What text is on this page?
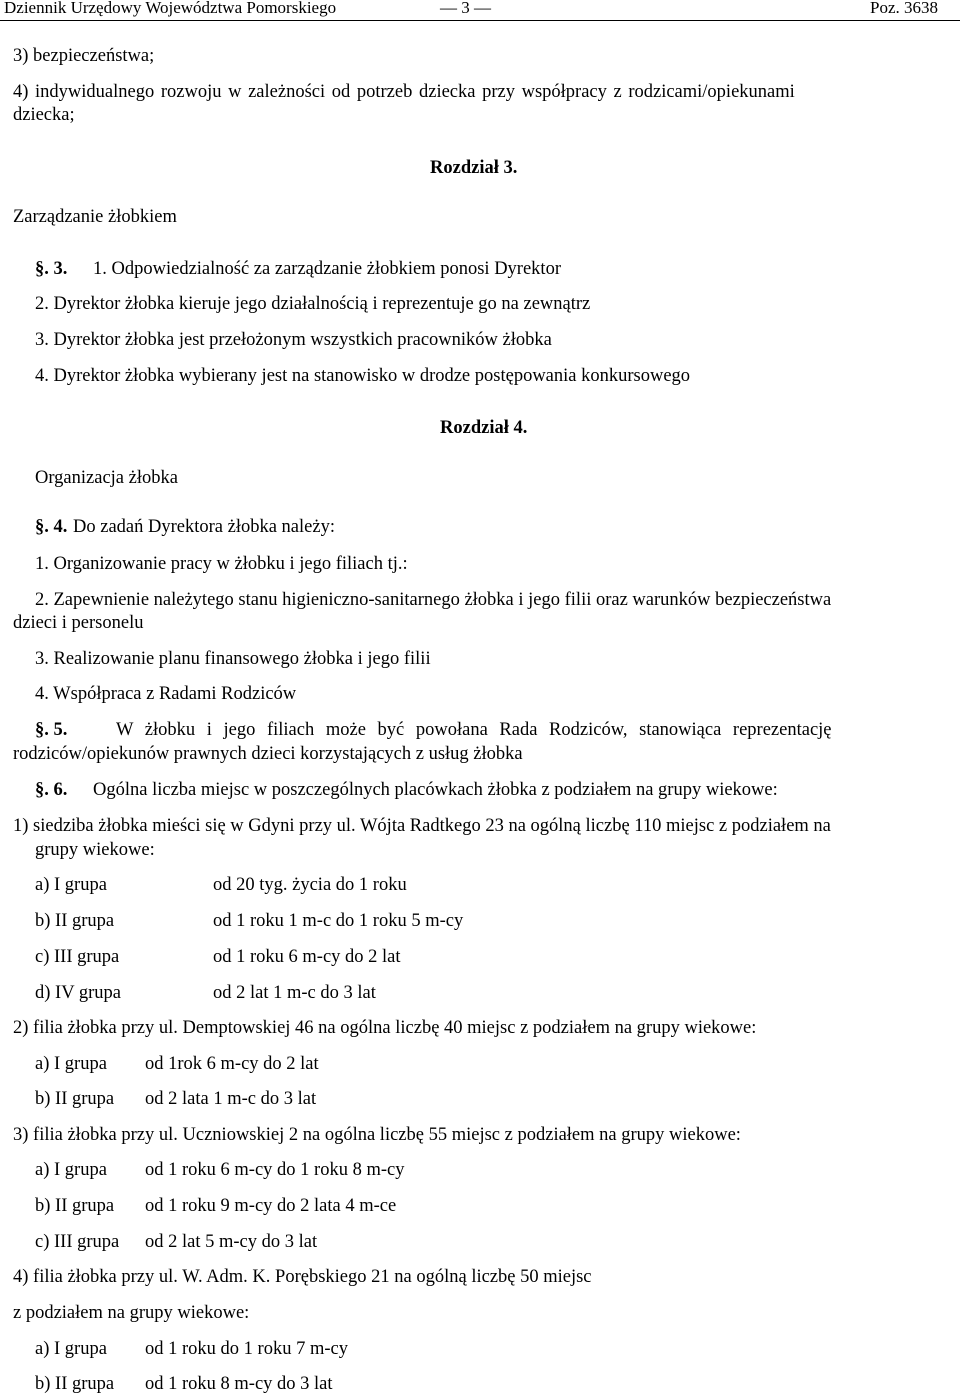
Dziennik Urzędowy Województwa Pomorskiego	— 3 —	Poz. 3638
3) bezpieczeństwa;
4) indywidualnego rozwoju w zależności od potrzeb dziecka przy współpracy z rodzicami/opiekunami
dziecka;
Rozdział 3.
Zarządzanie żłobkiem
§. 3. 1. Odpowiedzialność za zarządzanie żłobkiem ponosi Dyrektor
2. Dyrektor żłobka kieruje jego działalnością i reprezentuje go na zewnątrz
3. Dyrektor żłobka jest przełożonym wszystkich pracowników żłobka
4. Dyrektor żłobka wybierany jest na stanowisko w drodze postępowania konkursowego
Rozdział 4.
Organizacja żłobka
§. 4. Do zadań Dyrektora żłobka należy:
1. Organizowanie pracy w żłobku i jego filiach tj.:
2. Zapewnienie należytego stanu higieniczno-sanitarnego żłobka i jego filii oraz warunków bezpieczeństwa
dzieci i personelu
3. Realizowanie planu finansowego żłobka i jego filii
4. Współpraca z Radami Rodziców
§. 5.	W żłobku i jego filiach może być powołana Rada Rodziców, stanowiąca reprezentację
rodziców/opiekunów prawnych dzieci korzystających z usług żłobka
§. 6. Ogólna liczba miejsc w poszczególnych placówkach żłobka z podziałem na grupy wiekowe:
1) siedziba żłobka mieści się w Gdyni przy ul. Wójta Radtkego 23 na ogólną liczbę 110 miejsc z podziałem na
grupy wiekowe:
a) I grupa	od 20 tyg. życia do 1 roku
b) II grupa	od 1 roku 1 m-c do 1 roku 5 m-cy
c) III grupa	od 1 roku 6 m-cy do 2 lat
d) IV grupa	od 2 lat 1 m-c do 3 lat
2) filia żłobka przy ul. Demptowskiej 46 na ogólna liczbę 40 miejsc z podziałem na grupy wiekowe:
a) I grupa od 1rok 6 m-cy do 2 lat
b) II grupa od 2 lata 1 m-c do 3 lat
3) filia żłobka przy ul. Uczniowskiej 2 na ogólna liczbę 55 miejsc z podziałem na grupy wiekowe:
a) I grupa od 1 roku 6 m-cy do 1 roku 8 m-cy
b) II grupa od 1 roku 9 m-cy do 2 lata 4 m-ce
c) III grupa od 2 lat 5 m-cy do 3 lat
4) filia żłobka przy ul. W. Adm. K. Porębskiego 21 na ogólną liczbę 50 miejsc
z podziałem na grupy wiekowe:
a) I grupa od 1 roku do 1 roku 7 m-cy
b) II grupa od 1 roku 8 m-cy do 3 lat
